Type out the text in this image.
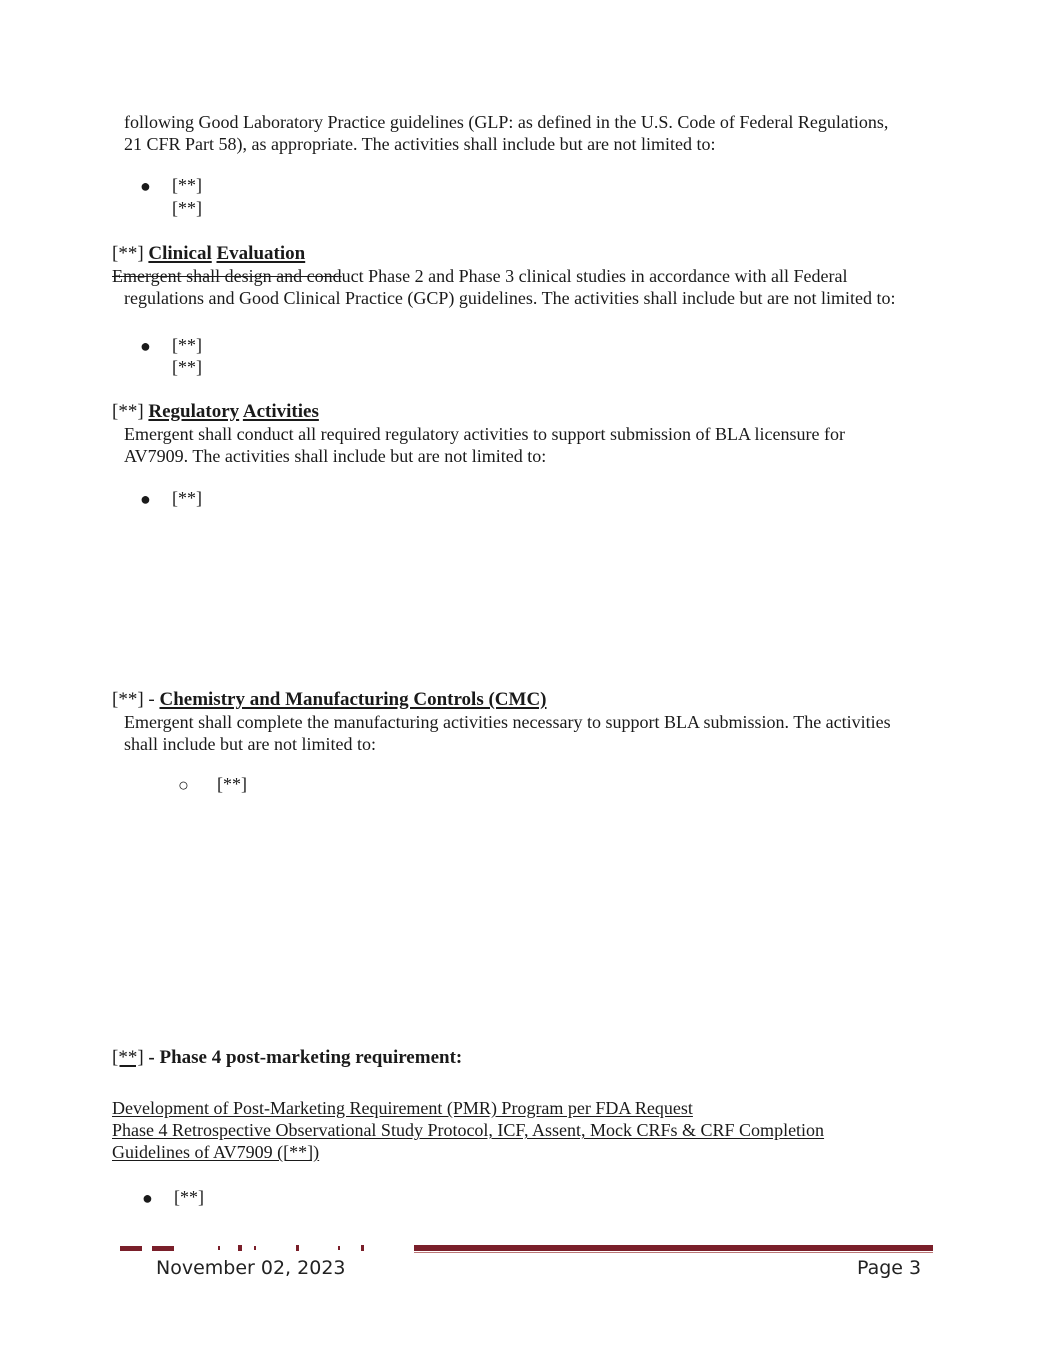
following Good Laboratory Practice guidelines (GLP: as defined in the U.S. Code of Federal Regulations,
21 CFR Part 58), as appropriate. The activities shall include but are not limited to:
● [**]
[**]
[**] Clinical Evaluation
Emergent shall design and conduct Phase 2 and Phase 3 clinical studies in accordance with all Federal
regulations and Good Clinical Practice (GCP) guidelines. The activities shall include but are not limited to:
● [**]
[**]
[**] Regulatory Activities
Emergent shall conduct all required regulatory activities to support submission of BLA licensure for
AV7909. The activities shall include but are not limited to:
● [**]
[**] - Chemistry and Manufacturing Controls (CMC)
Emergent shall complete the manufacturing activities necessary to support BLA submission. The activities
shall include but are not limited to:
○ [**]
[**] - Phase 4 post-marketing requirement:
Development of Post-Marketing Requirement (PMR) Program per FDA Request
Phase 4 Retrospective Observational Study Protocol, ICF, Assent, Mock CRFs & CRF Completion
Guidelines of AV7909 ([**])
● [**]
November 02, 2023	Page 3
